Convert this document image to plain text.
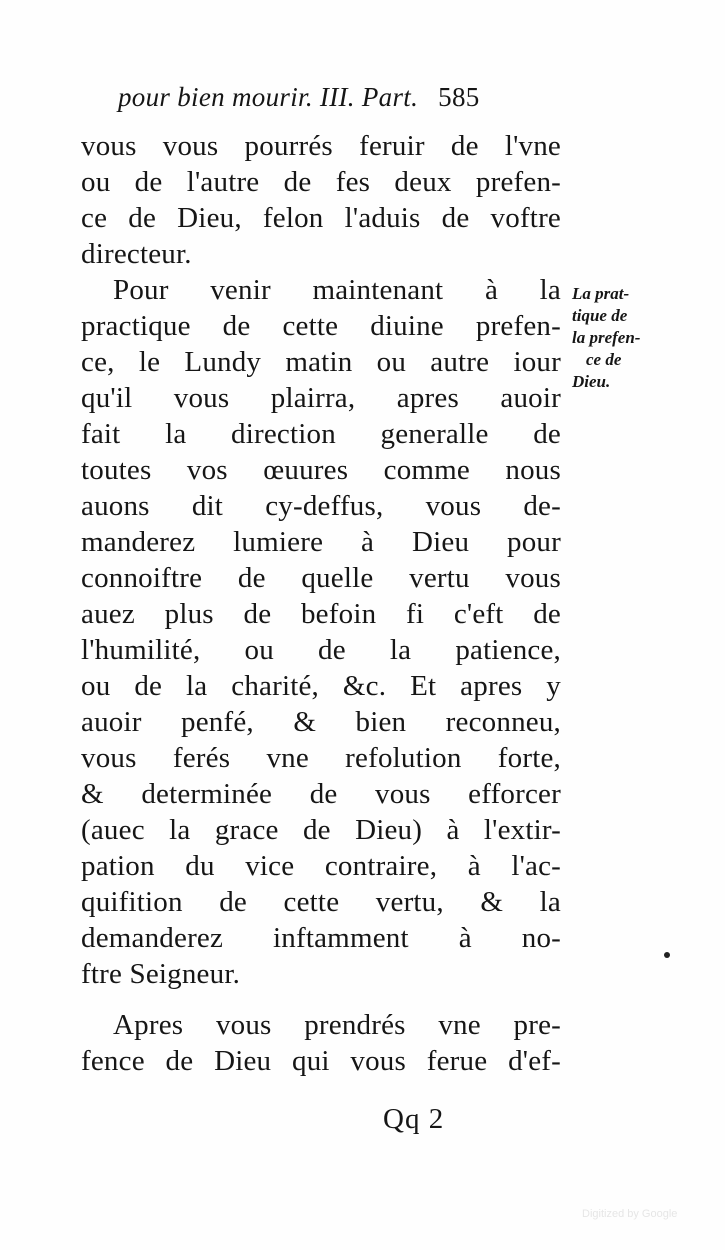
pour bien mourir. III. Part. 585
vous vous pourrés feruir de l'vne
ou de l'autre de fes deux prefen-
ce de Dieu, felon l'aduis de voftre
directeur.
Pour venir maintenant à la
practique de cette diuine prefen-
ce, le Lundy matin ou autre iour
qu'il vous plairra, apres auoir
fait la direction generalle de
toutes vos œuures comme nous
auons dit cy-deffus, vous de-
manderez lumiere à Dieu pour
connoiftre de quelle vertu vous
auez plus de befoin fi c'eft de
l'humilité, ou de la patience,
ou de la charité, &c. Et apres y
auoir penfé, & bien reconneu,
vous ferés vne refolution forte,
& determinée de vous efforcer
(auec la grace de Dieu) à l'extir-
pation du vice contraire, à l'ac-
quifition de cette vertu, & la
demanderez inftamment à no-
ftre Seigneur.
Apres vous prendrés vne pre-
fence de Dieu qui vous ferue d'ef-
La prat-
tique de
la prefen-
ce de
Dieu.
Qq 2
Digitized by Google
